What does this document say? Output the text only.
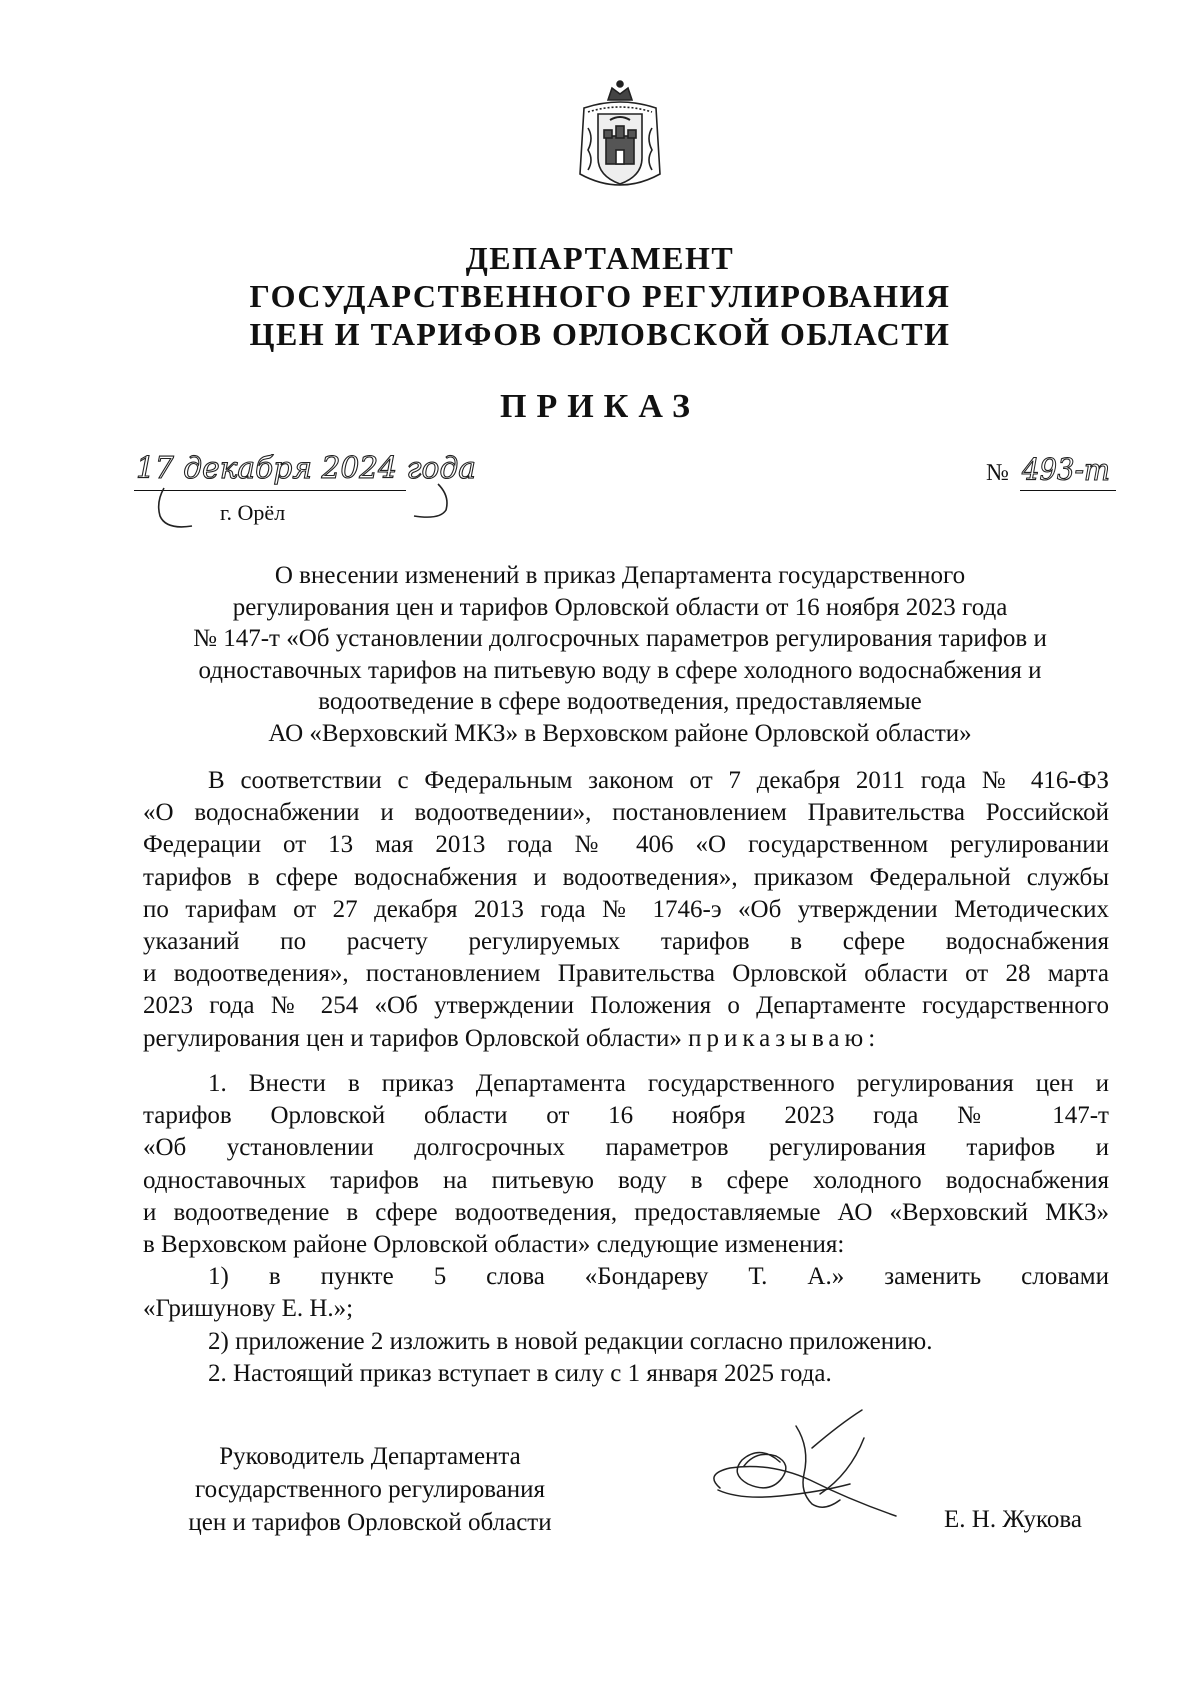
ДЕПАРТАМЕНТ
ГОСУДАРСТВЕННОГО РЕГУЛИРОВАНИЯ
ЦЕН И ТАРИФОВ ОРЛОВСКОЙ ОБЛАСТИ
ПРИКАЗ
17 декабря 2024 года
г. Орёл
№ 493-т
О внесении изменений в приказ Департамента государственного
регулирования цен и тарифов Орловской области от 16 ноября 2023 года
№ 147-т «Об установлении долгосрочных параметров регулирования тарифов и
одноставочных тарифов на питьевую воду в сфере холодного водоснабжения и
водоотведение в сфере водоотведения, предоставляемые
АО «Верховский МКЗ» в Верховском районе Орловской области»
В соответствии с Федеральным законом от 7 декабря 2011 года № 416-ФЗ
«О водоснабжении и водоотведении», постановлением Правительства Российской
Федерации от 13 мая 2013 года № 406 «О государственном регулировании
тарифов в сфере водоснабжения и водоотведения», приказом Федеральной службы
по тарифам от 27 декабря 2013 года № 1746-э «Об утверждении Методических
указаний по расчету регулируемых тарифов в сфере водоснабжения
и водоотведения», постановлением Правительства Орловской области от 28 марта
2023 года № 254 «Об утверждении Положения о Департаменте государственного
регулирования цен и тарифов Орловской области» приказываю:
1. Внести в приказ Департамента государственного регулирования цен и
тарифов Орловской области от 16 ноября 2023 года № 147-т
«Об установлении долгосрочных параметров регулирования тарифов и
одноставочных тарифов на питьевую воду в сфере холодного водоснабжения
и водоотведение в сфере водоотведения, предоставляемые АО «Верховский МКЗ»
в Верховском районе Орловской области» следующие изменения:
1) в пункте 5 слова «Бондареву Т. А.» заменить словами
«Гришунову Е. Н.»;
2) приложение 2 изложить в новой редакции согласно приложению.
2. Настоящий приказ вступает в силу с 1 января 2025 года.
Руководитель Департамента
государственного регулирования
цен и тарифов Орловской области	Е. Н. Жукова
